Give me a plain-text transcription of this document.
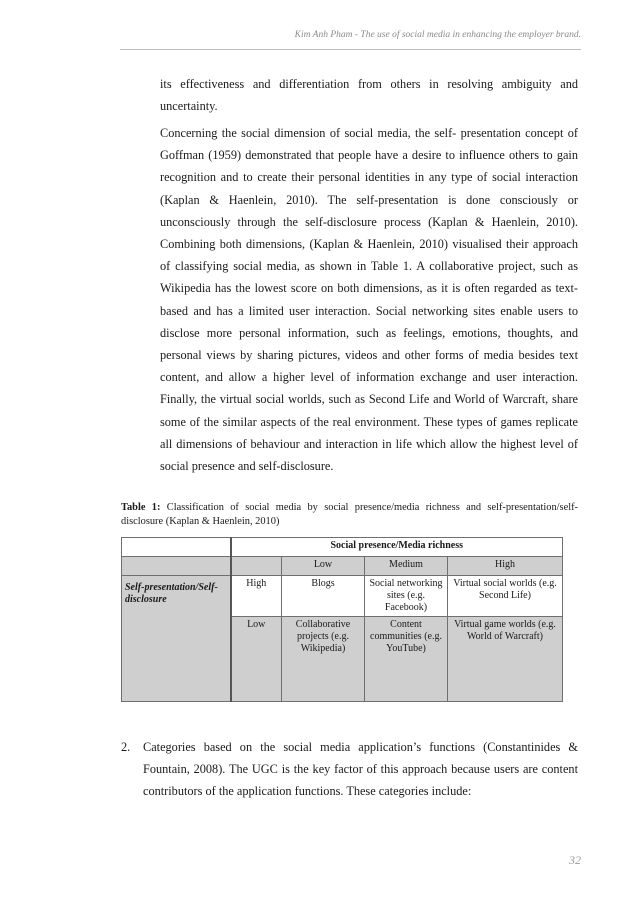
Kim Anh Pham - The use of social media in enhancing the employer brand.

its effectiveness and differentiation from others in resolving ambiguity and uncertainty.

Concerning the social dimension of social media, the self- presentation concept of Goffman (1959) demonstrated that people have a desire to influence others to gain recognition and to create their personal identities in any type of social interaction (Kaplan & Haenlein, 2010). The self-presentation is done consciously or unconsciously through the self-disclosure process (Kaplan & Haenlein, 2010). Combining both dimensions, (Kaplan & Haenlein, 2010) visualised their approach of classifying social media, as shown in Table 1. A collaborative project, such as Wikipedia has the lowest score on both dimensions, as it is often regarded as text-based and has a limited user interaction. Social networking sites enable users to disclose more personal information, such as feelings, emotions, thoughts, and personal views by sharing pictures, videos and other forms of media besides text content, and allow a higher level of information exchange and user interaction. Finally, the virtual social worlds, such as Second Life and World of Warcraft, share some of the similar aspects of the real environment. These types of games replicate all dimensions of behaviour and interaction in life which allow the highest level of social presence and self-disclosure.

Table 1: Classification of social media by social presence/media richness and self-presentation/self-disclosure (Kaplan & Haenlein, 2010)

	Social presence/Media richness			
		Low	Medium	High
Self-presentation/Self-disclosure	High	Blogs	Social networking sites (e.g. Facebook)	Virtual social worlds (e.g. Second Life)
	Low	Collaborative projects (e.g. Wikipedia)	Content communities (e.g. YouTube)	Virtual game worlds (e.g. World of Warcraft)
2. Categories based on the social media application’s functions (Constantinides & Fountain, 2008). The UGC is the key factor of this approach because users are content contributors of the application functions. These categories include:
32
